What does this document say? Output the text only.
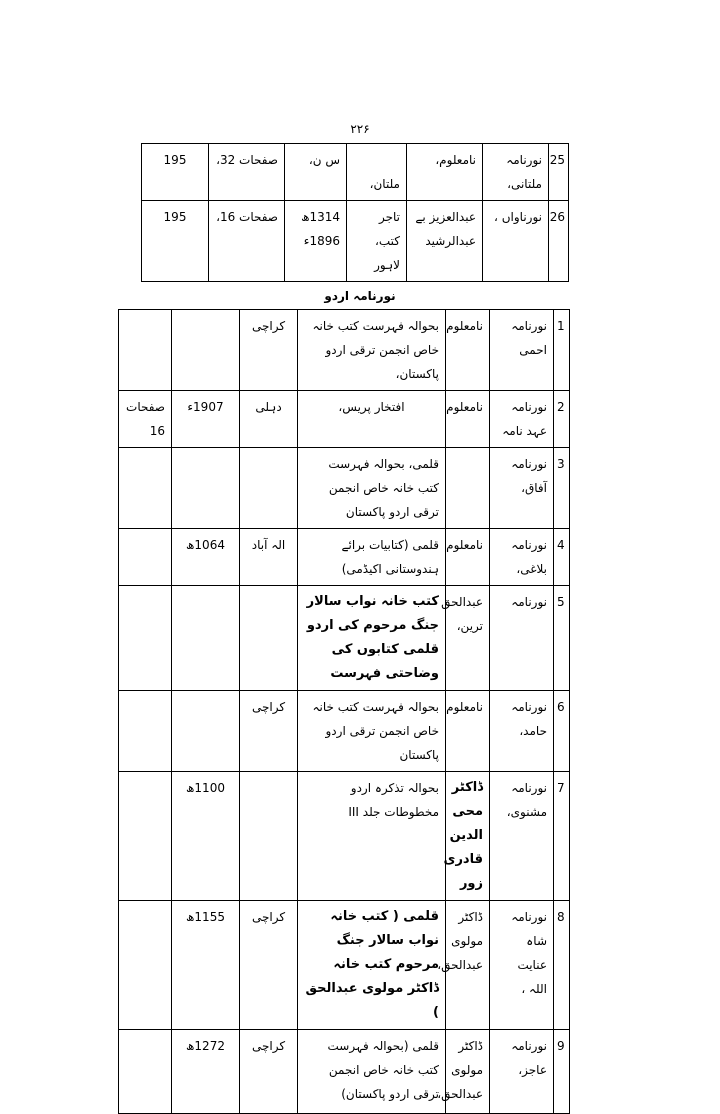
۲۲۶
25	نورنامہ ملتانی،	نامعلوم،	ملتان،	س ن،	صفحات 32،	195
26	نورناواں ،	عبدالعزیز بے عبدالرشید	تاجر کتب، لاہور	1314ھ 1896ء	صفحات 16،	195
نورنامہ اردو
1	نورنامہ احمی	نامعلوم	بحوالہ فہرست کتب خانہ خاص انجمن ترقی اردو پاکستان،	کراچی		
2	نورنامہ عہد نامہ	نامعلوم	افتخار پریس،	دہلی	1907ء	صفحات 16
3	نورنامہ آفاق،		قلمی، بحوالہ فہرست کتب خانہ خاص انجمن ترقی اردو پاکستان			
4	نورنامہ بلاغی،	نامعلوم	قلمی (کتابیات برائے ہندوستانی اکیڈمی)	الہ آباد	1064ھ	
5	نورنامہ	عبدالحق ترین،	کتب خانہ نواب سالار جنگ مرحوم کی اردو قلمی کتابوں کی وضاحتی فہرست			
6	نورنامہ حامد،	نامعلوم	بحوالہ فہرست کتب خانہ خاص انجمن ترقی اردو پاکستان	کراچی		
7	نورنامہ مشنوی،	ڈاکٹر محی الدین قادری زور	بحوالہ تذکرہ اردو مخطوطات جلد III		1100ھ	
8	نورنامہ شاہ عنایت اللہ ،	ڈاکٹر مولوی عبدالحق،	قلمی ( کتب خانہ نواب سالار جنگ مرحوم کتب خانہ ڈاکٹر مولوی عبدالحق )	کراچی	1155ھ	
9	نورنامہ عاجز،	ڈاکٹر مولوی عبدالحق،	قلمی (بحوالہ فہرست کتب خانہ خاص انجمن ترقی اردو پاکستان)	کراچی	1272ھ	
